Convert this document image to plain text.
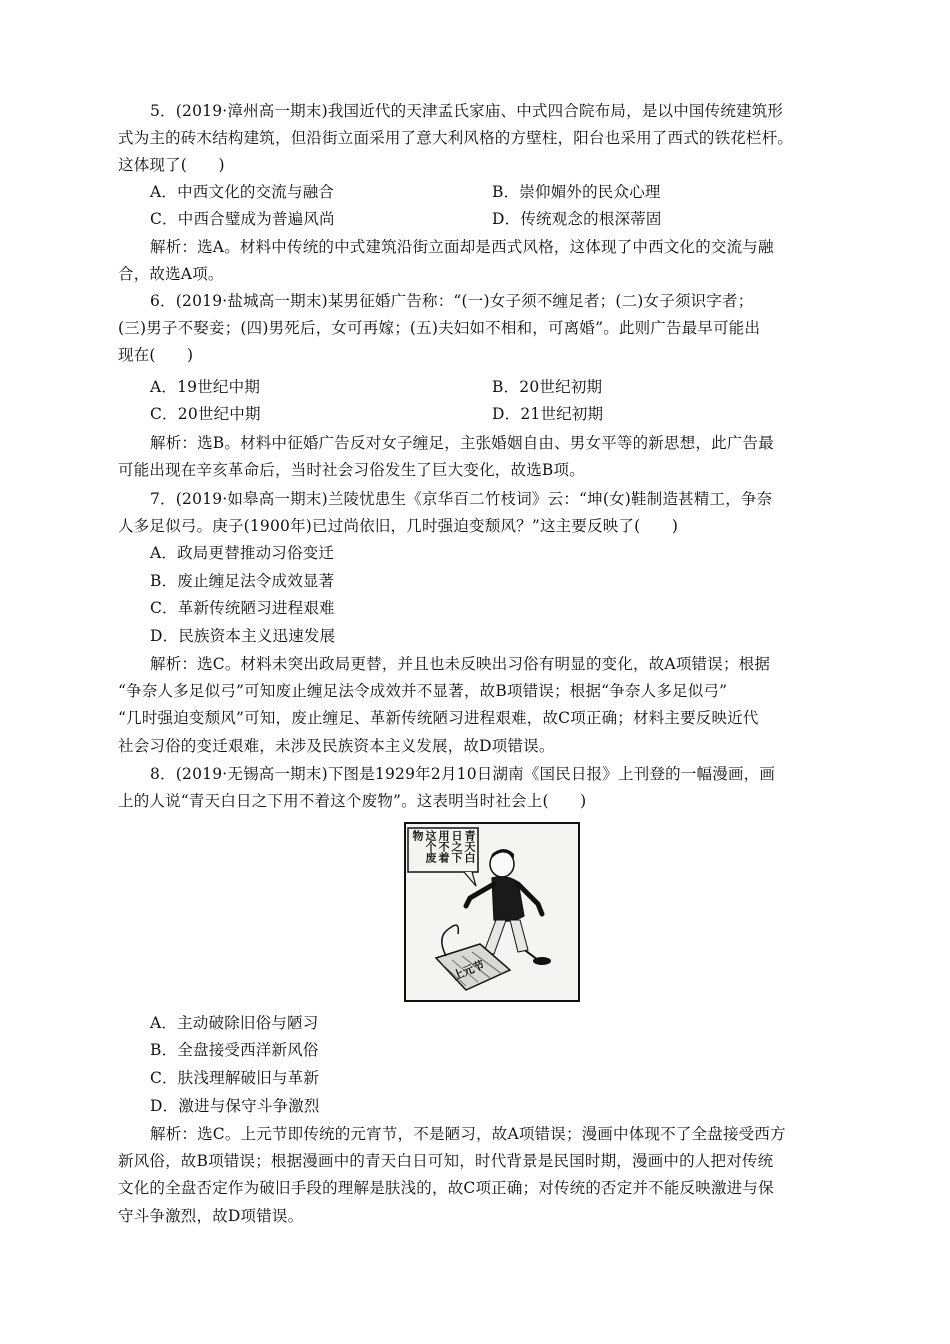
5．(2019·漳州高一期末)我国近代的天津孟氏家庙、中式四合院布局，是以中国传统建筑形
式为主的砖木结构建筑，但沿街立面采用了意大利风格的方壁柱，阳台也采用了西式的铁花栏杆。
这体现了(　　)
A．中西文化的交流与融合	B．崇仰媚外的民众心理
C．中西合璧成为普遍风尚	D．传统观念的根深蒂固
解析：选A。材料中传统的中式建筑沿街立面却是西式风格，这体现了中西文化的交流与融
合，故选A项。
6．(2019·盐城高一期末)某男征婚广告称：“(一)女子须不缠足者；(二)女子须识字者；
(三)男子不娶妾；(四)男死后，女可再嫁；(五)夫妇如不相和，可离婚”。此则广告最早可能出
现在(　　)
A．19世纪中期	B．20世纪初期
C．20世纪中期	D．21世纪初期
解析：选B。材料中征婚广告反对女子缠足，主张婚姻自由、男女平等的新思想，此广告最
可能出现在辛亥革命后，当时社会习俗发生了巨大变化，故选B项。
7．(2019·如皋高一期末)兰陵忧患生《京华百二竹枝词》云：“坤(女)鞋制造甚精工，争奈
人多足似弓。庚子(1900年)已过尚依旧，几时强迫变颓风？”这主要反映了(　　)
A．政局更替推动习俗变迁
B．废止缠足法令成效显著
C．革新传统陋习进程艰难
D．民族资本主义迅速发展
解析：选C。材料未突出政局更替，并且也未反映出习俗有明显的变化，故A项错误；根据
“争奈人多足似弓”可知废止缠足法令成效并不显著，故B项错误；根据“争奈人多足似弓”
“几时强迫变颓风”可知，废止缠足、革新传统陋习进程艰难，故C项正确；材料主要反映近代
社会习俗的变迁艰难，未涉及民族资本主义发展，故D项错误。
8．(2019·无锡高一期末)下图是1929年2月10日湖南《国民日报》上刊登的一幅漫画，画
上的人说“青天白日之下用不着这个废物”。这表明当时社会上(　　)
物 这个废 用不着 日之下 青天白
上元节
A．主动破除旧俗与陋习
B．全盘接受西洋新风俗
C．肤浅理解破旧与革新
D．激进与保守斗争激烈
解析：选C。上元节即传统的元宵节，不是陋习，故A项错误；漫画中体现不了全盘接受西方
新风俗，故B项错误；根据漫画中的青天白日可知，时代背景是民国时期，漫画中的人把对传统
文化的全盘否定作为破旧手段的理解是肤浅的，故C项正确；对传统的否定并不能反映激进与保
守斗争激烈，故D项错误。
